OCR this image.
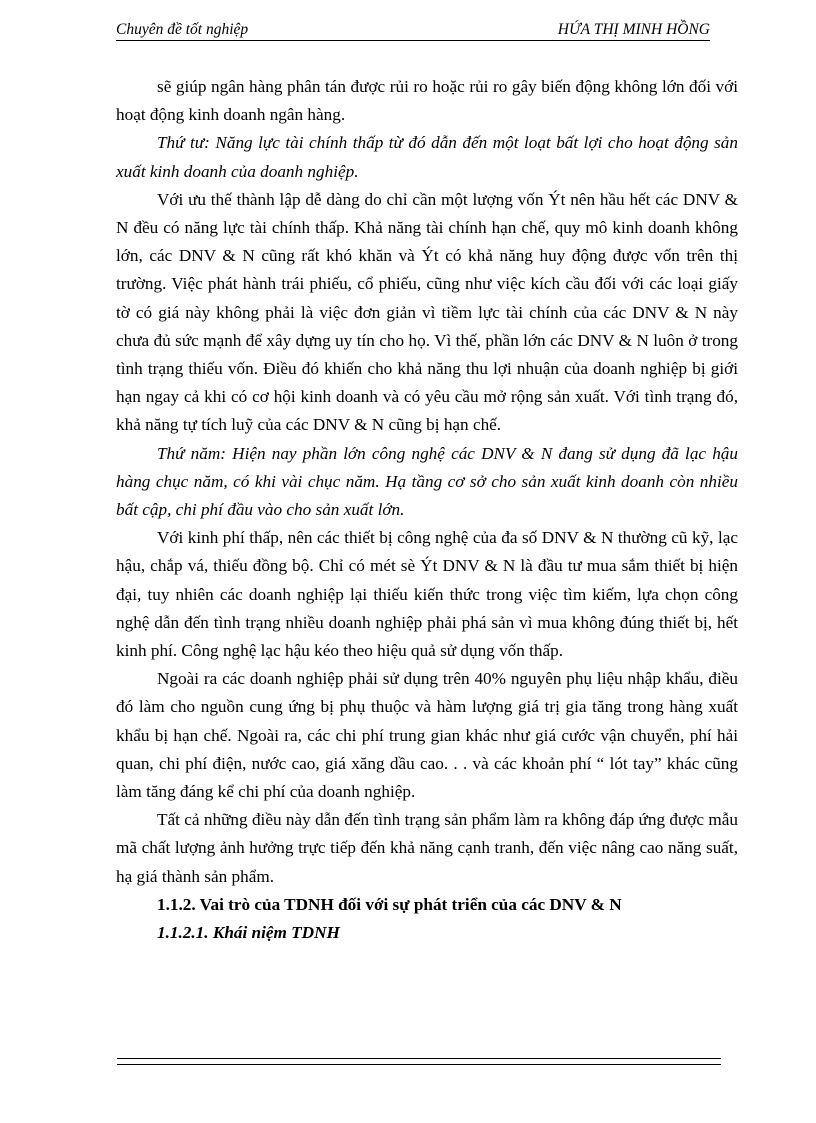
Chuyên đề tốt nghiệp	HỨA THỊ MINH HỒNG

sẽ giúp ngân hàng phân tán được rủi ro hoặc rủi ro gây biến động không lớn đối với hoạt động kinh doanh ngân hàng.

Thứ tư: Năng lực tài chính thấp từ đó dẫn đến một loạt bất lợi cho hoạt động sản xuất kinh doanh của doanh nghiệp.

Với ưu thế thành lập dễ dàng do chỉ cần một lượng vốn Ýt nên hầu hết các DNV & N đều có năng lực tài chính thấp. Khả năng tài chính hạn chế, quy mô kinh doanh không lớn, các DNV & N cũng rất khó khăn và Ýt có khả năng huy động được vốn trên thị trường. Việc phát hành trái phiếu, cổ phiếu, cũng như việc kích cầu đối với các loại giấy tờ có giá này không phải là việc đơn giản vì tiềm lực tài chính của các DNV & N này chưa đủ sức mạnh để xây dựng uy tín cho họ. Vì thế, phần lớn các DNV & N luôn ở trong tình trạng thiếu vốn. Điều đó khiến cho khả năng thu lợi nhuận của doanh nghiệp bị giới hạn ngay cả khi có cơ hội kinh doanh và có yêu cầu mở rộng sản xuất. Với tình trạng đó, khả năng tự tích luỹ của các DNV & N cũng bị hạn chế.

Thứ năm: Hiện nay phần lớn công nghệ các DNV & N đang sử dụng đã lạc hậu hàng chục năm, có khi vài chục năm. Hạ tầng cơ sở cho sản xuất kinh doanh còn nhiều bất cập, chi phí đầu vào cho sản xuất lớn.

Với kinh phí thấp, nên các thiết bị công nghệ của đa số DNV & N thường cũ kỹ, lạc hậu, chắp vá, thiếu đồng bộ. Chỉ có mét sè Ýt DNV & N là đầu tư mua sắm thiết bị hiện đại, tuy nhiên các doanh nghiệp lại thiếu kiến thức trong việc tìm kiếm, lựa chọn công nghệ dẫn đến tình trạng nhiều doanh nghiệp phải phá sản vì mua không đúng thiết bị, hết kinh phí. Công nghệ lạc hậu kéo theo hiệu quả sử dụng vốn thấp.

Ngoài ra các doanh nghiệp phải sử dụng trên 40% nguyên phụ liệu nhập khẩu, điều đó làm cho nguồn cung ứng bị phụ thuộc và hàm lượng giá trị gia tăng trong hàng xuất khẩu bị hạn chế. Ngoài ra, các chi phí trung gian khác như giá cước vận chuyển, phí hải quan, chi phí điện, nước cao, giá xăng dầu cao. . . và các khoản phí “ lót tay” khác cũng làm tăng đáng kể chi phí của doanh nghiệp.

Tất cả những điều này dẫn đến tình trạng sản phẩm làm ra không đáp ứng được mẫu mã chất lượng ảnh hưởng trực tiếp đến khả năng cạnh tranh, đến việc nâng cao năng suất, hạ giá thành sản phẩm.

1.1.2. Vai trò của TDNH đối với sự phát triển của các DNV & N
1.1.2.1. Khái niệm TDNH
